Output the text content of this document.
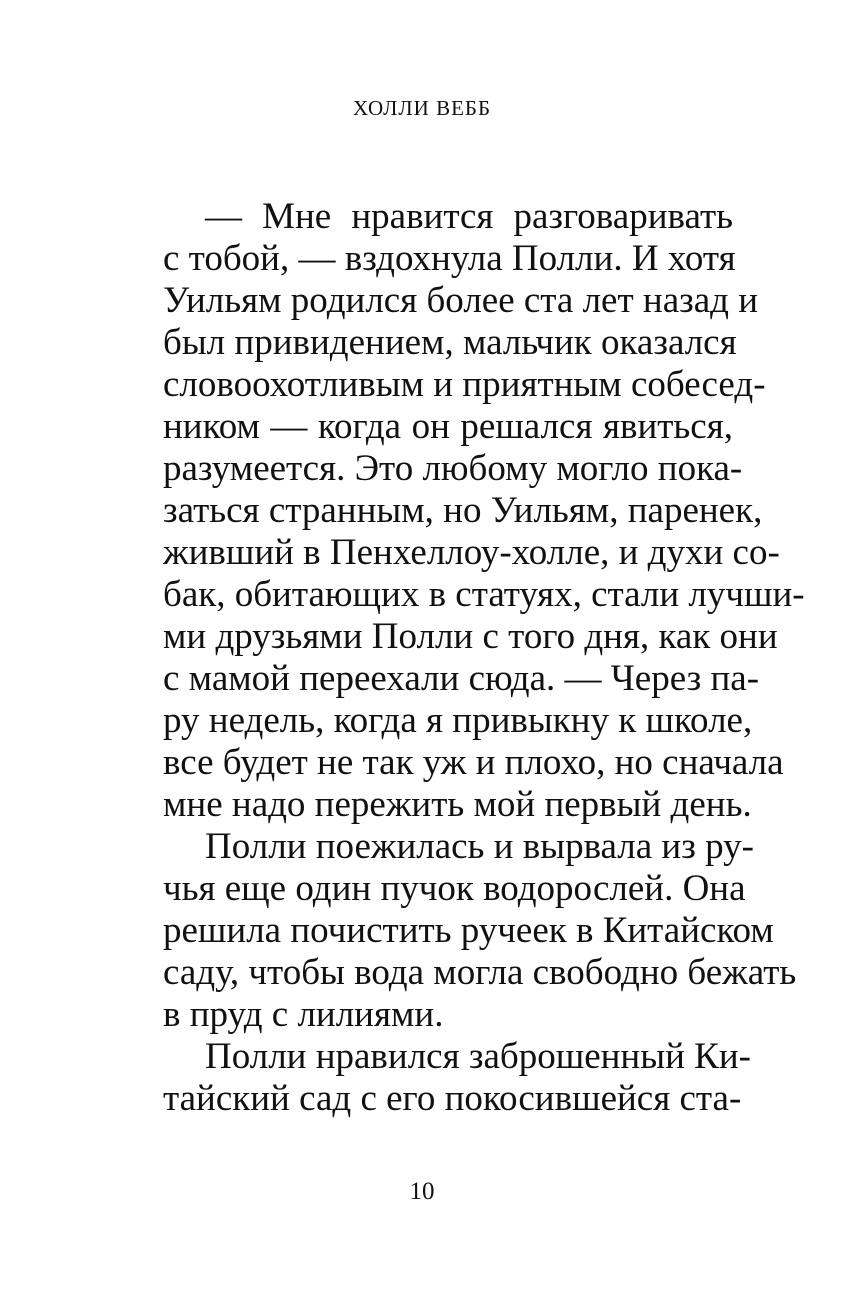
ХОЛЛИ ВЕББ
— Мне нравится разговаривать
с тобой, — вздохнула Полли. И хотя
Уильям родился более ста лет назад и
был привидением, мальчик оказался
словоохотливым и приятным собесед-
ником — когда он решался явиться,
разумеется. Это любому могло пока-
заться странным, но Уильям, паренек,
живший в Пенхеллоу-холле, и духи со-
бак, обитающих в статуях, стали лучши-
ми друзьями Полли с того дня, как они
с мамой переехали сюда. — Через па-
ру недель, когда я привыкну к школе,
все будет не так уж и плохо, но сначала
мне надо пережить мой первый день.
Полли поежилась и вырвала из ру-
чья еще один пучок водорослей. Она
решила почистить ручеек в Китайском
саду, чтобы вода могла свободно бежать
в пруд с лилиями.
Полли нравился заброшенный Ки-
тайский сад с его покосившейся ста-
10
